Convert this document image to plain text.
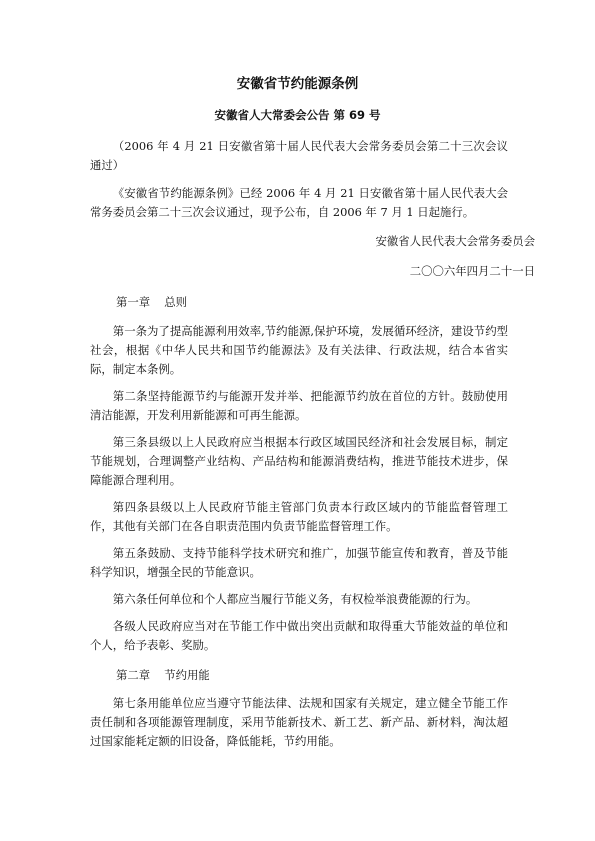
安徽省节约能源条例
安徽省人大常委会公告 第 69 号

（2006 年 4 月 21 日安徽省第十届人民代表大会常务委员会第二十三次会议通过）

《安徽省节约能源条例》已经 2006 年 4 月 21 日安徽省第十届人民代表大会常务委员会第二十三次会议通过，现予公布，自 2006 年 7 月 1 日起施行。

安徽省人民代表大会常务委员会
二〇〇六年四月二十一日
第一章 总则

第一条为了提高能源利用效率,节约能源,保护环境，发展循环经济，建设节约型社会，根据《中华人民共和国节约能源法》及有关法律、行政法规，结合本省实际，制定本条例。

第二条坚持能源节约与能源开发并举、把能源节约放在首位的方针。鼓励使用清洁能源，开发利用新能源和可再生能源。

第三条县级以上人民政府应当根据本行政区域国民经济和社会发展目标，制定节能规划，合理调整产业结构、产品结构和能源消费结构，推进节能技术进步，保障能源合理利用。

第四条县级以上人民政府节能主管部门负责本行政区域内的节能监督管理工作，其他有关部门在各自职责范围内负责节能监督管理工作。

第五条鼓励、支持节能科学技术研究和推广，加强节能宣传和教育，普及节能科学知识，增强全民的节能意识。

第六条任何单位和个人都应当履行节能义务，有权检举浪费能源的行为。

各级人民政府应当对在节能工作中做出突出贡献和取得重大节能效益的单位和个人，给予表彰、奖励。

第二章 节约用能

第七条用能单位应当遵守节能法律、法规和国家有关规定，建立健全节能工作责任制和各项能源管理制度，采用节能新技术、新工艺、新产品、新材料，淘汰超过国家能耗定额的旧设备，降低能耗，节约用能。
